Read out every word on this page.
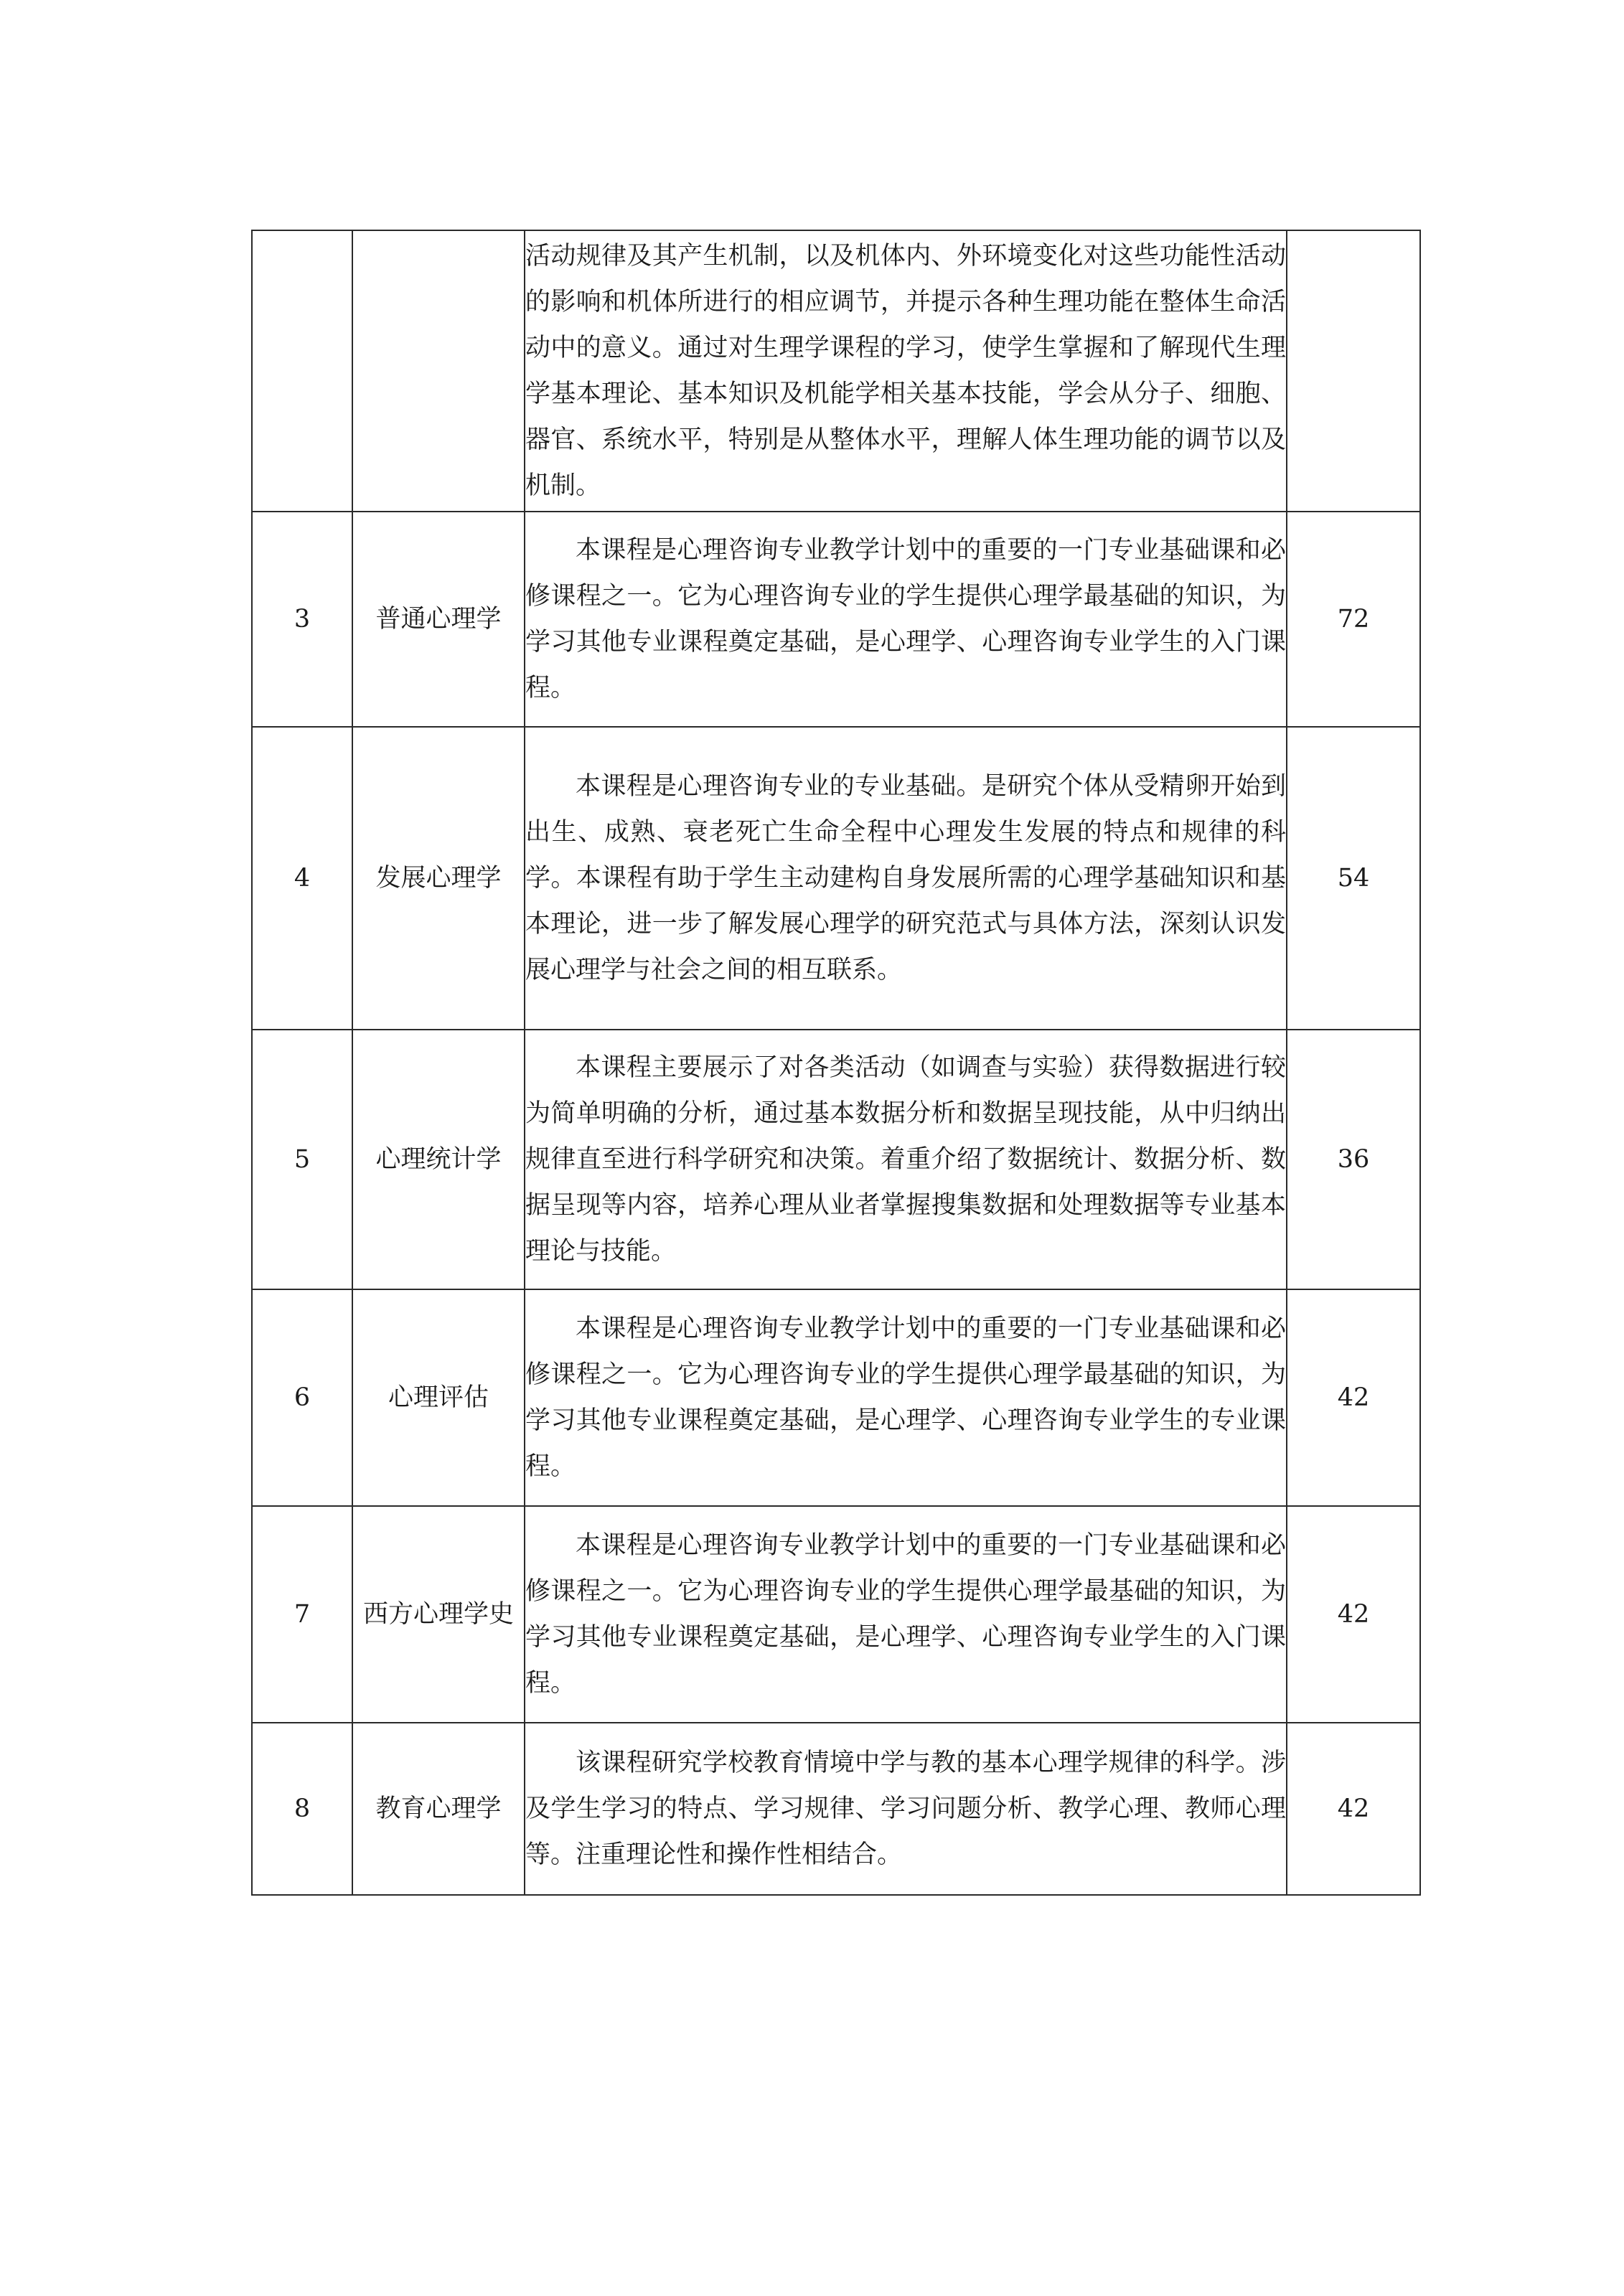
		活动规律及其产生机制，以及机体内、外环境变化对这些功能性活动的影响和机体所进行的相应调节，并提示各种生理功能在整体生命活动中的意义。通过对生理学课程的学习，使学生掌握和了解现代生理学基本理论、基本知识及机能学相关基本技能，学会从分子、细胞、器官、系统水平，特别是从整体水平，理解人体生理功能的调节以及机制。	

3	普通心理学	本课程是心理咨询专业教学计划中的重要的一门专业基础课和必修课程之一。它为心理咨询专业的学生提供心理学最基础的知识，为学习其他专业课程奠定基础，是心理学、心理咨询专业学生的入门课程。	72
4	发展心理学	本课程是心理咨询专业的专业基础。是研究个体从受精卵开始到出生、成熟、衰老死亡生命全程中心理发生发展的特点和规律的科学。本课程有助于学生主动建构自身发展所需的心理学基础知识和基本理论，进一步了解发展心理学的研究范式与具体方法，深刻认识发展心理学与社会之间的相互联系。	54
5	心理统计学	本课程主要展示了对各类活动（如调查与实验）获得数据进行较为简单明确的分析，通过基本数据分析和数据呈现技能，从中归纳出规律直至进行科学研究和决策。着重介绍了数据统计、数据分析、数据呈现等内容，培养心理从业者掌握搜集数据和处理数据等专业基本理论与技能。	36
6	心理评估	本课程是心理咨询专业教学计划中的重要的一门专业基础课和必修课程之一。它为心理咨询专业的学生提供心理学最基础的知识，为学习其他专业课程奠定基础，是心理学、心理咨询专业学生的专业课程。	42
7	西方心理学史	本课程是心理咨询专业教学计划中的重要的一门专业基础课和必修课程之一。它为心理咨询专业的学生提供心理学最基础的知识，为学习其他专业课程奠定基础，是心理学、心理咨询专业学生的入门课程。	42
8	教育心理学	该课程研究学校教育情境中学与教的基本心理学规律的科学。涉及学生学习的特点、学习规律、学习问题分析、教学心理、教师心理等。注重理论性和操作性相结合。	42
